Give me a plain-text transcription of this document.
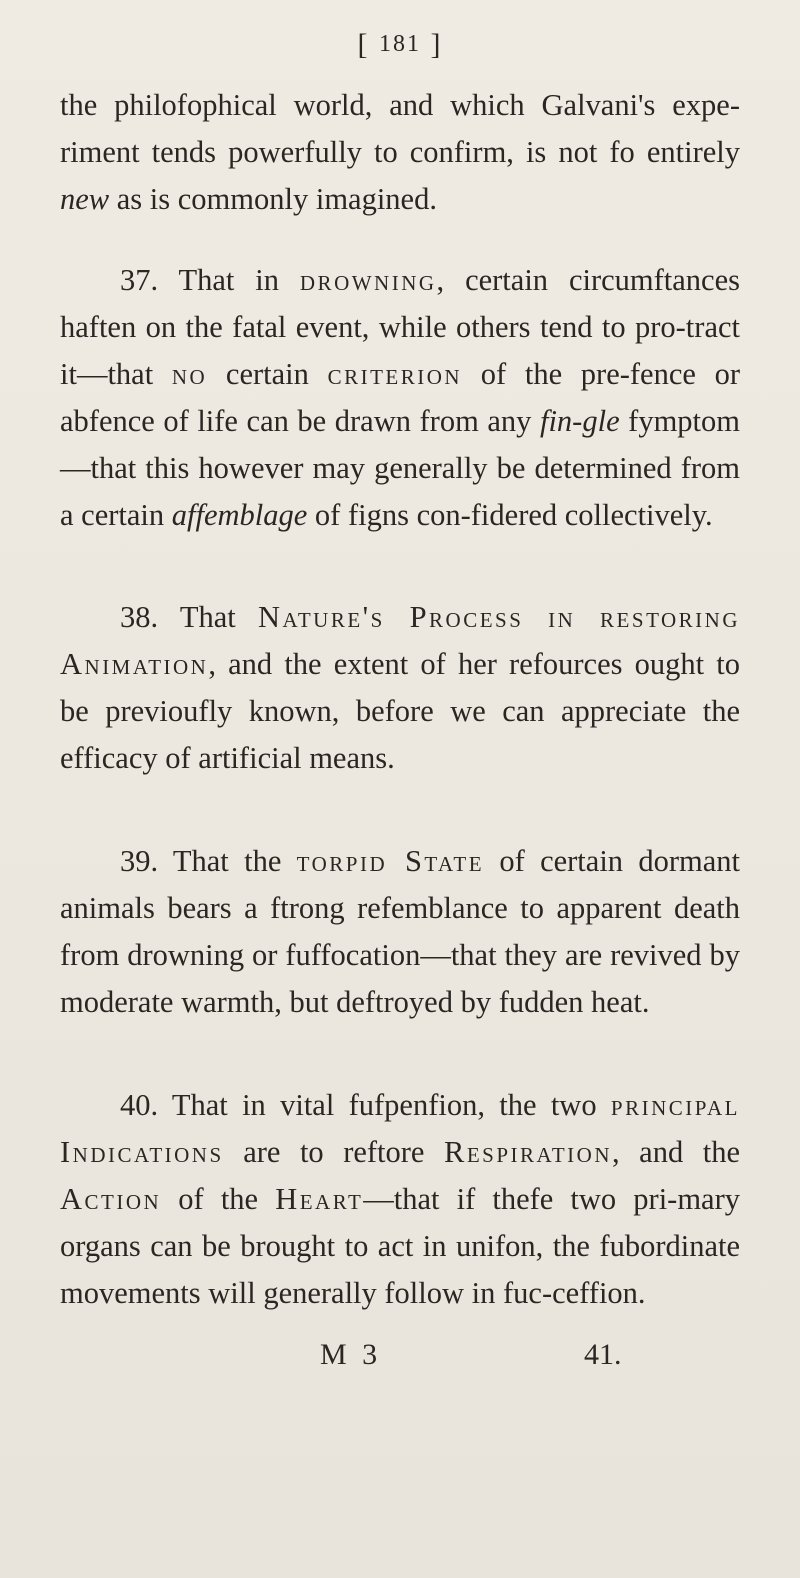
[ 181 ]
the philofophical world, and which Galvani's expe-riment tends powerfully to confirm, is not fo entirely new as is commonly imagined.
37. That in drowning, certain circumftances haften on the fatal event, while others tend to pro-tract it—that no certain criterion of the pre-fence or abfence of life can be drawn from any fin-gle fymptom—that this however may generally be determined from a certain affemblage of figns con-fidered collectively.
38. That Nature's Process in restoring Animation, and the extent of her refources ought to be previoufly known, before we can appreciate the efficacy of artificial means.
39. That the torpid State of certain dormant animals bears a ftrong refemblance to apparent death from drowning or fuffocation—that they are revived by moderate warmth, but deftroyed by fudden heat.
40. That in vital fufpenfion, the two principal Indications are to reftore Respiration, and the Action of the Heart—that if thefe two pri-mary organs can be brought to act in unifon, the fubordinate movements will generally follow in fuc-ceffion.
M 3	41.
